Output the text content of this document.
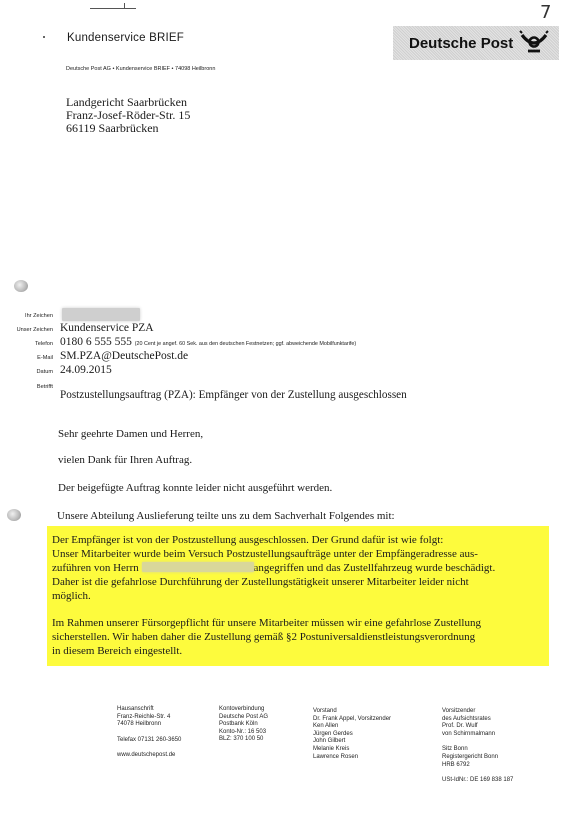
Kundenservice BRIEF
7
Deutsche Post
Deutsche Post AG • Kundenservice BRIEF • 74098 Heilbronn
Landgericht Saarbrücken
Franz-Josef-Röder-Str. 15
66119 Saarbrücken
Ihr Zeichen
Unser Zeichen Kundenservice PZA
Telefon 0180 6 555 555 (20 Cent je angef. 60 Sek. aus den deutschen Festnetzen; ggf. abweichende Mobilfunktarife)
E-Mail SM.PZA@DeutschePost.de
Datum 24.09.2015
Betrifft
Postzustellungsauftrag (PZA): Empfänger von der Zustellung ausgeschlossen
Sehr geehrte Damen und Herren,
vielen Dank für Ihren Auftrag.
Der beigefügte Auftrag konnte leider nicht ausgeführt werden.
Unsere Abteilung Auslieferung teilte uns zu dem Sachverhalt Folgendes mit:
Der Empfänger ist von der Postzustellung ausgeschlossen. Der Grund dafür ist wie folgt:
Unser Mitarbeiter wurde beim Versuch Postzustellungsaufträge unter der Empfängeradresse aus-
zuführen von Herrn	angegriffen und das Zustellfahrzeug wurde beschädigt.
Daher ist die gefahrlose Durchführung der Zustellungstätigkeit unserer Mitarbeiter leider nicht
möglich.
Im Rahmen unserer Fürsorgepflicht für unsere Mitarbeiter müssen wir eine gefahrlose Zustellung
sicherstellen. Wir haben daher die Zustellung gemäß §2 Postuniversaldienstleistungsverordnung
in diesem Bereich eingestellt.
Hausanschrift
Franz-Reichle-Str. 4
74078 Heilbronn
Telefax 07131 260-3650
www.deutschepost.de
Kontoverbindung
Deutsche Post AG
Postbank Köln
Konto-Nr.: 16 503
BLZ: 370 100 50
Vorstand
Dr. Frank Appel, Vorsitzender
Ken Allen
Jürgen Gerdes
John Gilbert
Melanie Kreis
Lawrence Rosen
Vorsitzender
des Aufsichtsrates
Prof. Dr. Wulf
von Schirnmalmann
Sitz Bonn
Registergericht Bonn
HRB 6792
USt-IdNr.: DE 169 838 187
